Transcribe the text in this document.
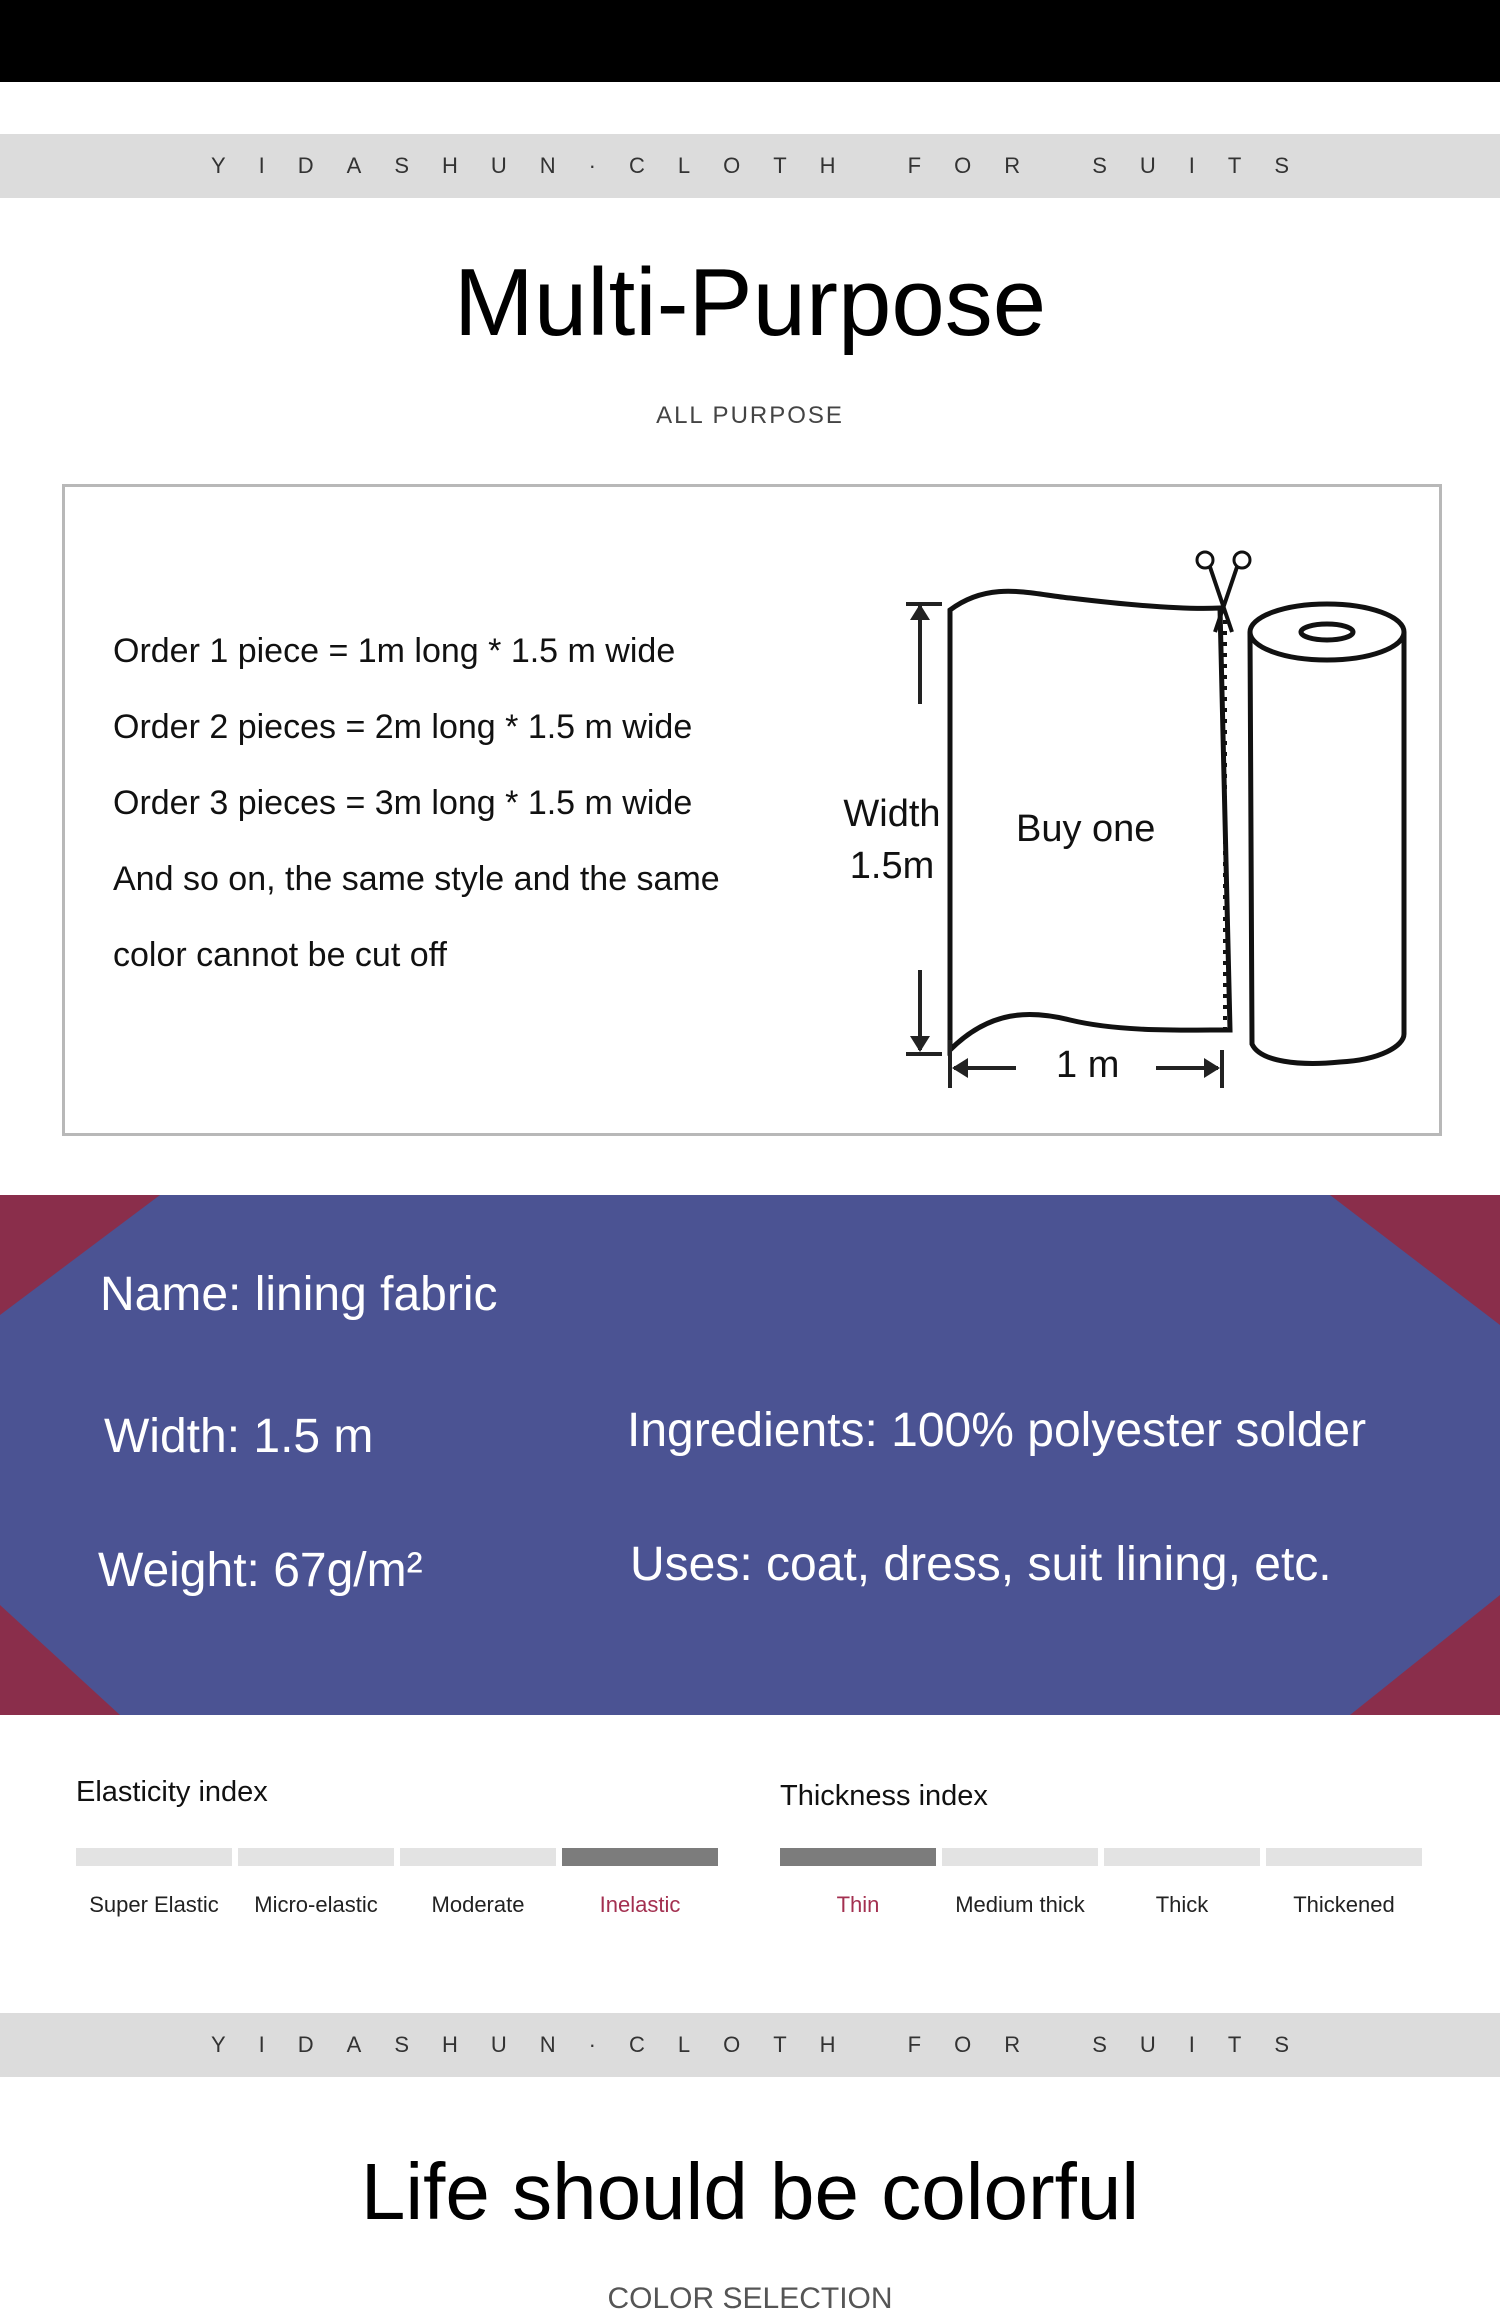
YIDASHUN·CLOTH FOR SUITS
Multi-Purpose
ALL PURPOSE
Order 1 piece = 1m long * 1.5 m wide
Order 2 pieces = 2m long * 1.5 m wide
Order 3 pieces = 3m long * 1.5 m wide
And so on, the same style and the same
color cannot be cut off
Width
1.5m
Buy one
1 m
Name: lining fabric
Width: 1.5 m	Ingredients: 100% polyester solder
Weight: 67g/m²	Uses: coat, dress, suit lining, etc.
Elasticity index	Thickness index
YIDASHUN·CLOTH FOR SUITS
Life should be colorful
COLOR SELECTION
Super Elastic	Micro-elastic	Moderate	Inelastic	Thin	Medium thick	Thick	Thickened
